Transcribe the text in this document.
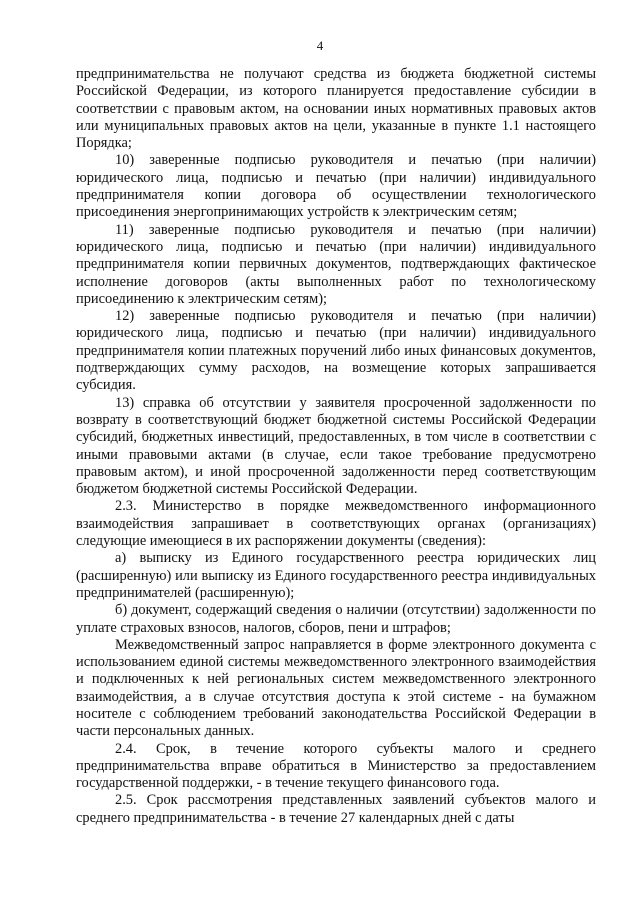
4

предпринимательства не получают средства из бюджета бюджетной системы Российской Федерации, из которого планируется предоставление субсидии в соответствии с правовым актом, на основании иных нормативных правовых актов или муниципальных правовых актов на цели, указанные в пункте 1.1 настоящего Порядка;

10) заверенные подписью руководителя и печатью (при наличии) юридического лица, подписью и печатью (при наличии) индивидуального предпринимателя копии договора об осуществлении технологического присоединения энергопринимающих устройств к электрическим сетям;

11) заверенные подписью руководителя и печатью (при наличии) юридического лица, подписью и печатью (при наличии) индивидуального предпринимателя копии первичных документов, подтверждающих фактическое исполнение договоров (акты выполненных работ по технологическому присоединению к электрическим сетям);

12) заверенные подписью руководителя и печатью (при наличии) юридического лица, подписью и печатью (при наличии) индивидуального предпринимателя копии платежных поручений либо иных финансовых документов, подтверждающих сумму расходов, на возмещение которых запрашивается субсидия.

13) справка об отсутствии у заявителя просроченной задолженности по возврату в соответствующий бюджет бюджетной системы Российской Федерации субсидий, бюджетных инвестиций, предоставленных, в том числе в соответствии с иными правовыми актами (в случае, если такое требование предусмотрено правовым актом), и иной просроченной задолженности перед соответствующим бюджетом бюджетной системы Российской Федерации.

2.3. Министерство в порядке межведомственного информационного взаимодействия запрашивает в соответствующих органах (организациях) следующие имеющиеся в их распоряжении документы (сведения):

а) выписку из Единого государственного реестра юридических лиц (расширенную) или выписку из Единого государственного реестра индивидуальных предпринимателей (расширенную);

б) документ, содержащий сведения о наличии (отсутствии) задолженности по уплате страховых взносов, налогов, сборов, пени и штрафов;

Межведомственный запрос направляется в форме электронного документа с использованием единой системы межведомственного электронного взаимодействия и подключенных к ней региональных систем межведомственного электронного взаимодействия, а в случае отсутствия доступа к этой системе - на бумажном носителе с соблюдением требований законодательства Российской Федерации в части персональных данных.

2.4. Срок, в течение которого субъекты малого и среднего предпринимательства вправе обратиться в Министерство за предоставлением государственной поддержки, - в течение текущего финансового года.

2.5. Срок рассмотрения представленных заявлений субъектов малого и среднего предпринимательства - в течение 27 календарных дней с даты
